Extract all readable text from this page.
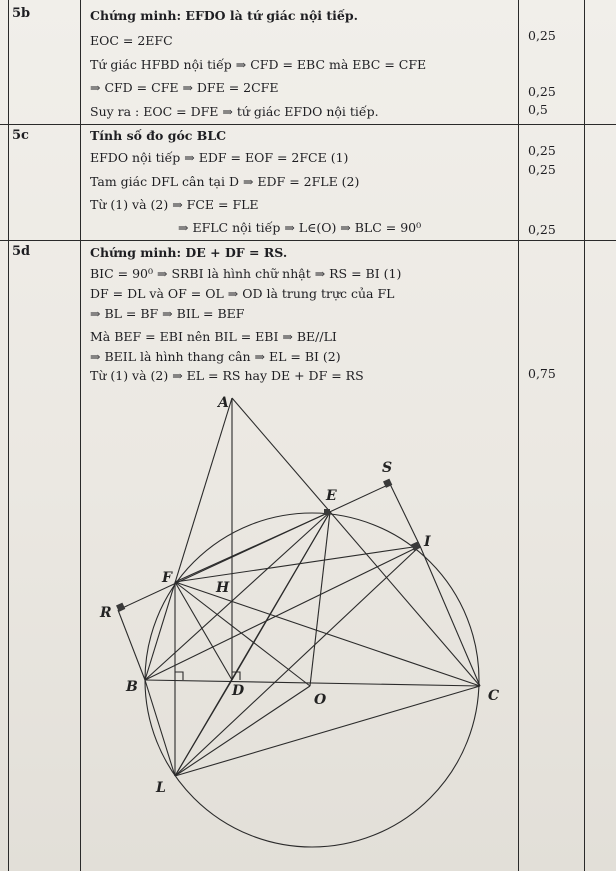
5b	Chứng minh: EFDO là tứ giác nội tiếp.
EOC = 2EFC
Tứ giác HFBD nội tiếp ⇒ CFD = EBC mà EBC = CFE
⇒ CFD = CFE ⇒ DFE = 2CFE
Suy ra : EOC = DFE ⇒ tứ giác EFDO nội tiếp.
0,25
0,25
0,5
5c	Tính số đo góc BLC
EFDO nội tiếp ⇒ EDF = EOF = 2FCE (1)
Tam giác DFL cân tại D ⇒ EDF = 2FLE (2)
Từ (1) và (2) ⇒ FCE = FLE
⇒ EFLC nội tiếp ⇒ L∈(O) ⇒ BLC = 90⁰
0,25
0,25
0,25
5d	Chứng minh: DE + DF = RS.
BIC = 90⁰ ⇒ SRBI là hình chữ nhật ⇒ RS = BI (1)
DF = DL và OF = OL ⇒ OD là trung trực của FL
⇒ BL = BF ⇒ BIL = BEF
Mà BEF = EBI nên BIL = EBI ⇒ BE//LI
⇒ BEIL là hình thang cân ⇒ EL = BI (2)
Từ (1) và (2) ⇒ EL = RS hay DE + DF = RS	0,75
A
S
E
I
F
H
R
B	D
O	C
L
